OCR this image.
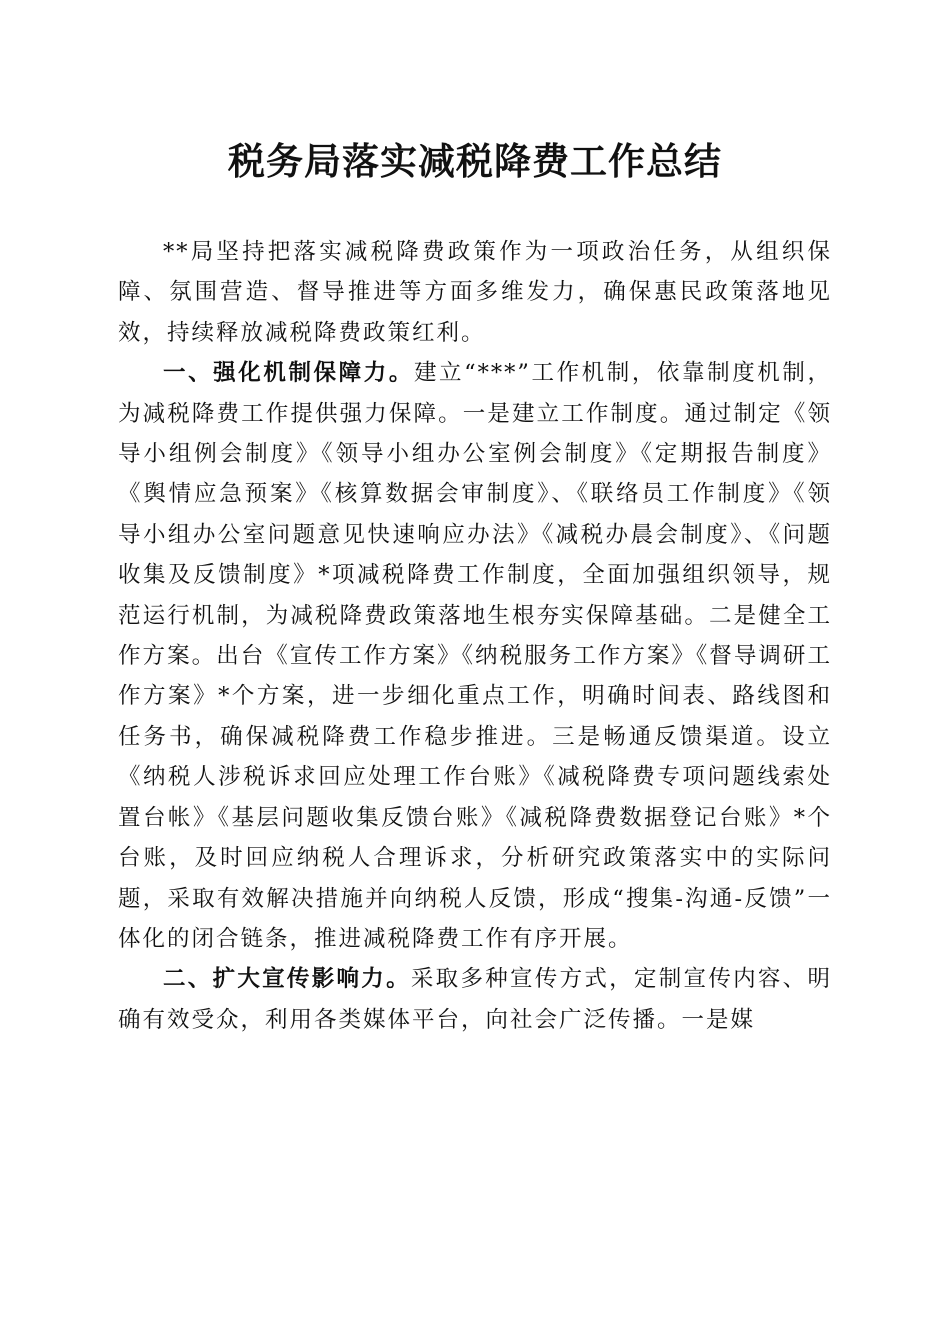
税务局落实减税降费工作总结

**局坚持把落实减税降费政策作为一项政治任务，从组织保障、氛围营造、督导推进等方面多维发力，确保惠民政策落地见效，持续释放减税降费政策红利。

一、强化机制保障力。建立“***”工作机制，依靠制度机制，为减税降费工作提供强力保障。一是建立工作制度。通过制定《领导小组例会制度》《领导小组办公室例会制度》《定期报告制度》《舆情应急预案》《核算数据会审制度》、《联络员工作制度》《领导小组办公室问题意见快速响应办法》《减税办晨会制度》、《问题收集及反馈制度》*项减税降费工作制度，全面加强组织领导，规范运行机制，为减税降费政策落地生根夯实保障基础。二是健全工作方案。出台《宣传工作方案》《纳税服务工作方案》《督导调研工作方案》*个方案，进一步细化重点工作，明确时间表、路线图和任务书，确保减税降费工作稳步推进。三是畅通反馈渠道。设立《纳税人涉税诉求回应处理工作台账》《减税降费专项问题线索处置台帐》《基层问题收集反馈台账》《减税降费数据登记台账》*个台账，及时回应纳税人合理诉求，分析研究政策落实中的实际问题，采取有效解决措施并向纳税人反馈，形成“搜集-沟通-反馈”一体化的闭合链条，推进减税降费工作有序开展。

二、扩大宣传影响力。采取多种宣传方式，定制宣传内容、明确有效受众，利用各类媒体平台，向社会广泛传播。一是媒
